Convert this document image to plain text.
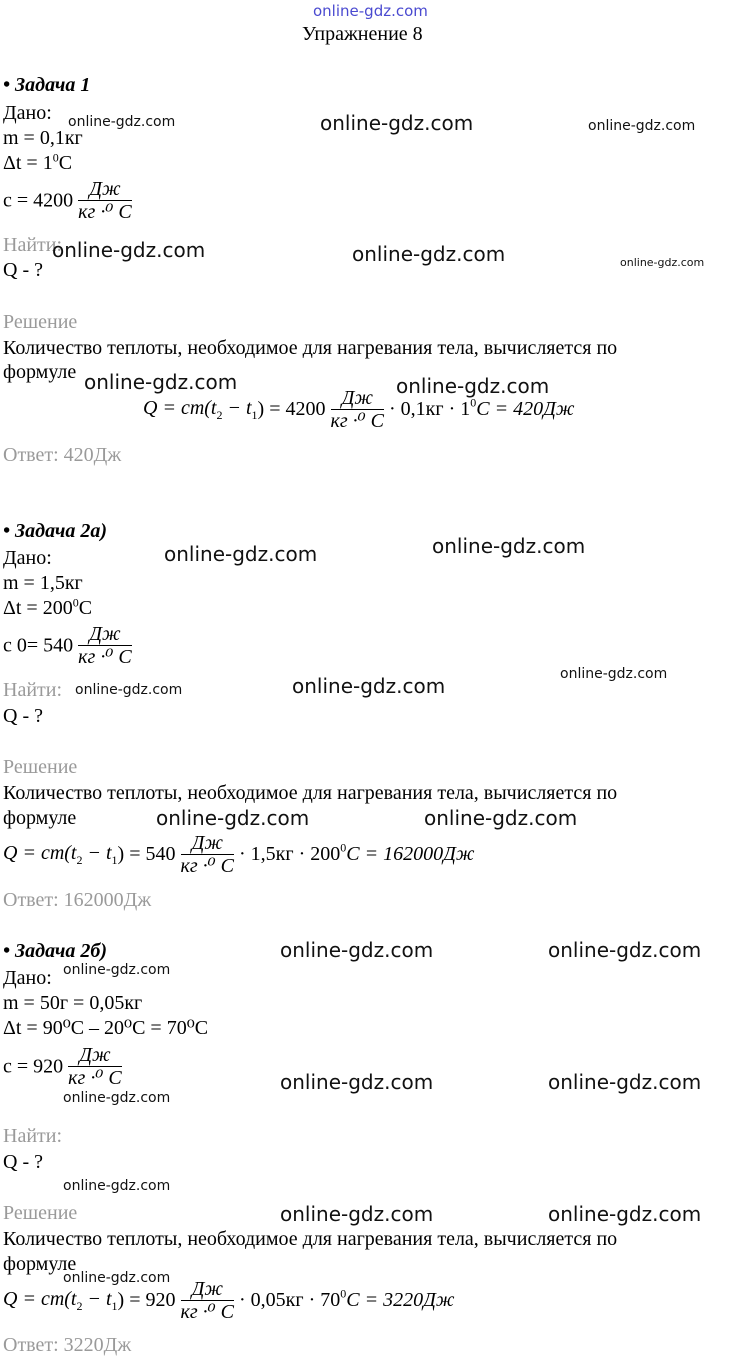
online-gdz.com
Упражнение 8
• Задача 1
Дано:
m = 0,1кг
$\Delta t = 1^0C$
$c = 4200 \frac{Дж}{\text{кг ·⁰ C}}$
Найти:
Q - ?
Решение
Количество теплоты, необходимое для нагревания тела, вычисляется по
формуле
$Q = cm(t_2 - t_1) = 4200 \frac{Дж}{\text{кг ·⁰ C}} \cdot 0,1кг \cdot 1^0C = 420Дж$
Ответ: 420Дж
• Задача 2а)
Дано:
m = 1,5кг
$\Delta t = 200^0C$
c $0= 540 \frac{Дж}{\text{кг ·⁰ C}}$
Найти:
Q - ?
Решение
Количество теплоты, необходимое для нагревания тела, вычисляется по
формуле
$Q = cm(t_2 - t_1) = 540 \frac{Дж}{\text{кг ·⁰ C}} \cdot 1,5кг \cdot 200^0C = 162000Дж$
Ответ: 162000Дж
• Задача 2б)
Дано:
m = 50г = 0,05кг
Δt = 90⁰C – 20⁰C = 70⁰C
$c = 920 \frac{Дж}{\text{кг ·⁰ C}}$
Найти:
Q - ?
Решение
Количество теплоты, необходимое для нагревания тела, вычисляется по
формуле
$Q = cm(t_2 - t_1) = 920 \frac{Дж}{\text{кг ·⁰ C}} \cdot 0,05кг \cdot 70^0C = 3220Дж$
Ответ: 3220Дж
online-gdz.com	online-gdz.com	online-gdz.com
online-gdz.com	online-gdz.com	online-gdz.com
online-gdz.com	online-gdz.com
online-gdz.com	online-gdz.com
online-gdz.com
online-gdz.com	online-gdz.com
online-gdz.com	online-gdz.com
online-gdz.com	online-gdz.com
online-gdz.com
online-gdz.com	online-gdz.com
online-gdz.com
online-gdz.com
online-gdz.com	online-gdz.com
online-gdz.com
